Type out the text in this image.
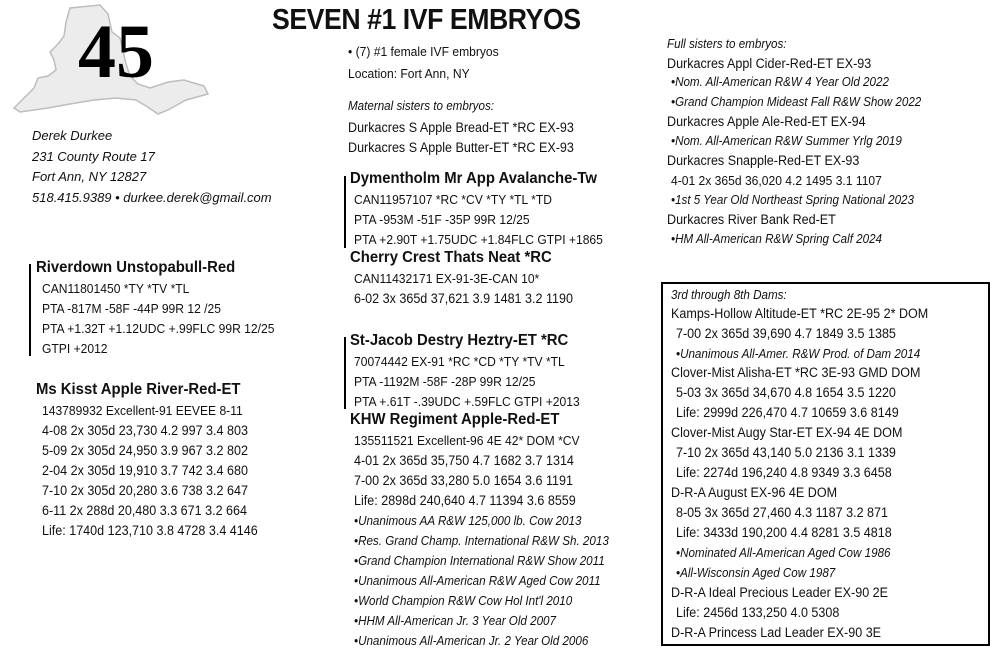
45	SEVEN #1 IVF EMBRYOS
• (7) #1 female IVF embryos
Location: Fort Ann, NY
Derek Durkee
231 County Route 17
Fort Ann, NY 12827
518.415.9389 • durkee.derek@gmail.com
Riverdown Unstopabull-Red
CAN11801450 *TY *TV *TL
PTA -817M -58F -44P 99R 12 /25
PTA +1.32T +1.12UDC +.99FLC 99R 12/25
GTPI +2012
Ms Kisst Apple River-Red-ET
143789932 Excellent-91 EEVEE 8-11
4-08 2x 305d 23,730 4.2 997 3.4 803
5-09 2x 305d 24,950 3.9 967 3.2 802
2-04 2x 305d 19,910 3.7 742 3.4 680
7-10 2x 305d 20,280 3.6 738 3.2 647
6-11 2x 288d 20,480 3.3 671 3.2 664
Life: 1740d 123,710 3.8 4728 3.4 4146
Maternal sisters to embryos:
Durkacres S Apple Bread-ET *RC EX-93
Durkacres S Apple Butter-ET *RC EX-93
Dymentholm Mr App Avalanche-Tw
CAN11957107 *RC *CV *TY *TL *TD
PTA -953M -51F -35P 99R 12/25
PTA +2.90T +1.75UDC +1.84FLC GTPI +1865
Cherry Crest Thats Neat *RC
CAN11432171 EX-91-3E-CAN 10*
6-02 3x 365d 37,621 3.9 1481 3.2 1190
St-Jacob Destry Heztry-ET *RC
70074442 EX-91 *RC *CD *TY *TV *TL
PTA -1192M -58F -28P 99R 12/25
PTA +.61T -.39UDC +.59FLC GTPI +2013
KHW Regiment Apple-Red-ET
135511521 Excellent-96 4E 42* DOM *CV
4-01 2x 365d 35,750 4.7 1682 3.7 1314
7-00 2x 365d 33,280 5.0 1654 3.6 1191
Life: 2898d 240,640 4.7 11394 3.6 8559
•Unanimous AA R&W 125,000 lb. Cow 2013
•Res. Grand Champ. International R&W Sh. 2013
•Grand Champion International R&W Show 2011
•Unanimous All-American R&W Aged Cow 2011
•World Champion R&W Cow Hol Int'l 2010
•HHM All-American Jr. 3 Year Old 2007
•Unanimous All-American Jr. 2 Year Old 2006
Full sisters to embryos:
Durkacres Appl Cider-Red-ET EX-93
•Nom. All-American R&W 4 Year Old 2022
•Grand Champion Mideast Fall R&W Show 2022
Durkacres Apple Ale-Red-ET EX-94
•Nom. All-American R&W Summer Yrlg 2019
Durkacres Snapple-Red-ET EX-93
4-01 2x 365d 36,020 4.2 1495 3.1 1107
•1st 5 Year Old Northeast Spring National 2023
Durkacres River Bank Red-ET
•HM All-American R&W Spring Calf 2024
3rd through 8th Dams:
Kamps-Hollow Altitude-ET *RC 2E-95 2* DOM
7-00 2x 365d 39,690 4.7 1849 3.5 1385
•Unanimous All-Amer. R&W Prod. of Dam 2014
Clover-Mist Alisha-ET *RC 3E-93 GMD DOM
5-03 3x 365d 34,670 4.8 1654 3.5 1220
Life: 2999d 226,470 4.7 10659 3.6 8149
Clover-Mist Augy Star-ET EX-94 4E DOM
7-10 2x 365d 43,140 5.0 2136 3.1 1339
Life: 2274d 196,240 4.8 9349 3.3 6458
D-R-A August EX-96 4E DOM
8-05 3x 365d 27,460 4.3 1187 3.2 871
Life: 3433d 190,200 4.4 8281 3.5 4818
•Nominated All-American Aged Cow 1986
•All-Wisconsin Aged Cow 1987
D-R-A Ideal Precious Leader EX-90 2E
Life: 2456d 133,250 4.0 5308
D-R-A Princess Lad Leader EX-90 3E
